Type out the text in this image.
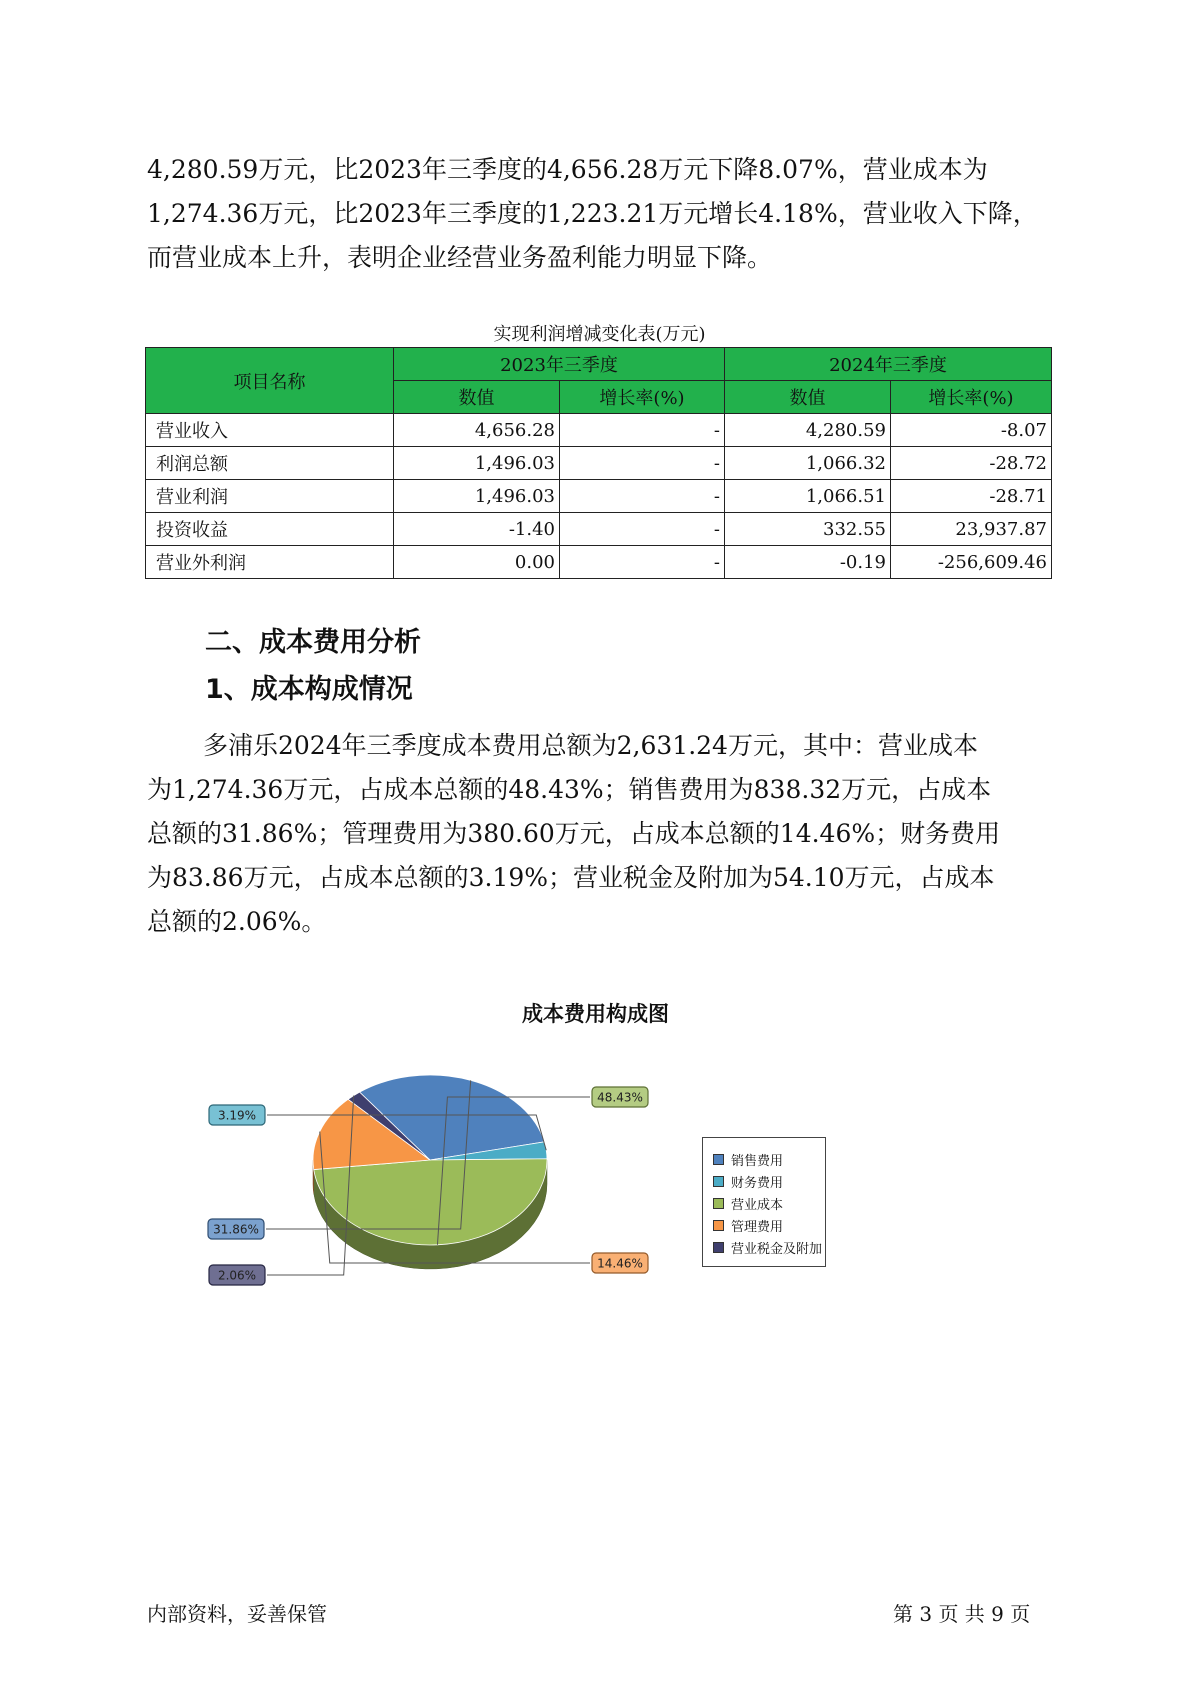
4,280.59万元，比2023年三季度的4,656.28万元下降8.07%，营业成本为

1,274.36万元，比2023年三季度的1,223.21万元增长4.18%，营业收入下降，

而营业成本上升，表明企业经营业务盈利能力明显下降。

实现利润增减变化表(万元)
项目名称	2023年三季度		2024年三季度	
	数值	增长率(%)	数值	增长率(%)
营业收入	4,656.28	-	4,280.59	-8.07
利润总额	1,496.03	-	1,066.32	-28.72
营业利润	1,496.03	-	1,066.51	-28.71
投资收益	-1.40	-	332.55	23,937.87
营业外利润	0.00	-	-0.19	-256,609.46
二、成本费用分析
1、成本构成情况

多浦乐2024年三季度成本费用总额为2,631.24万元，其中：营业成本

为1,274.36万元，占成本总额的48.43%；销售费用为838.32万元，占成本

总额的31.86%；管理费用为380.60万元，占成本总额的14.46%；财务费用

为83.86万元，占成本总额的3.19%；营业税金及附加为54.10万元，占成本

总额的2.06%。

成本费用构成图
31.86%
3.19%
48.43%
14.46%
2.06%
销售费用
财务费用
营业成本
管理费用
营业税金及附加
内部资料，妥善保管	第 3 页 共 9 页
